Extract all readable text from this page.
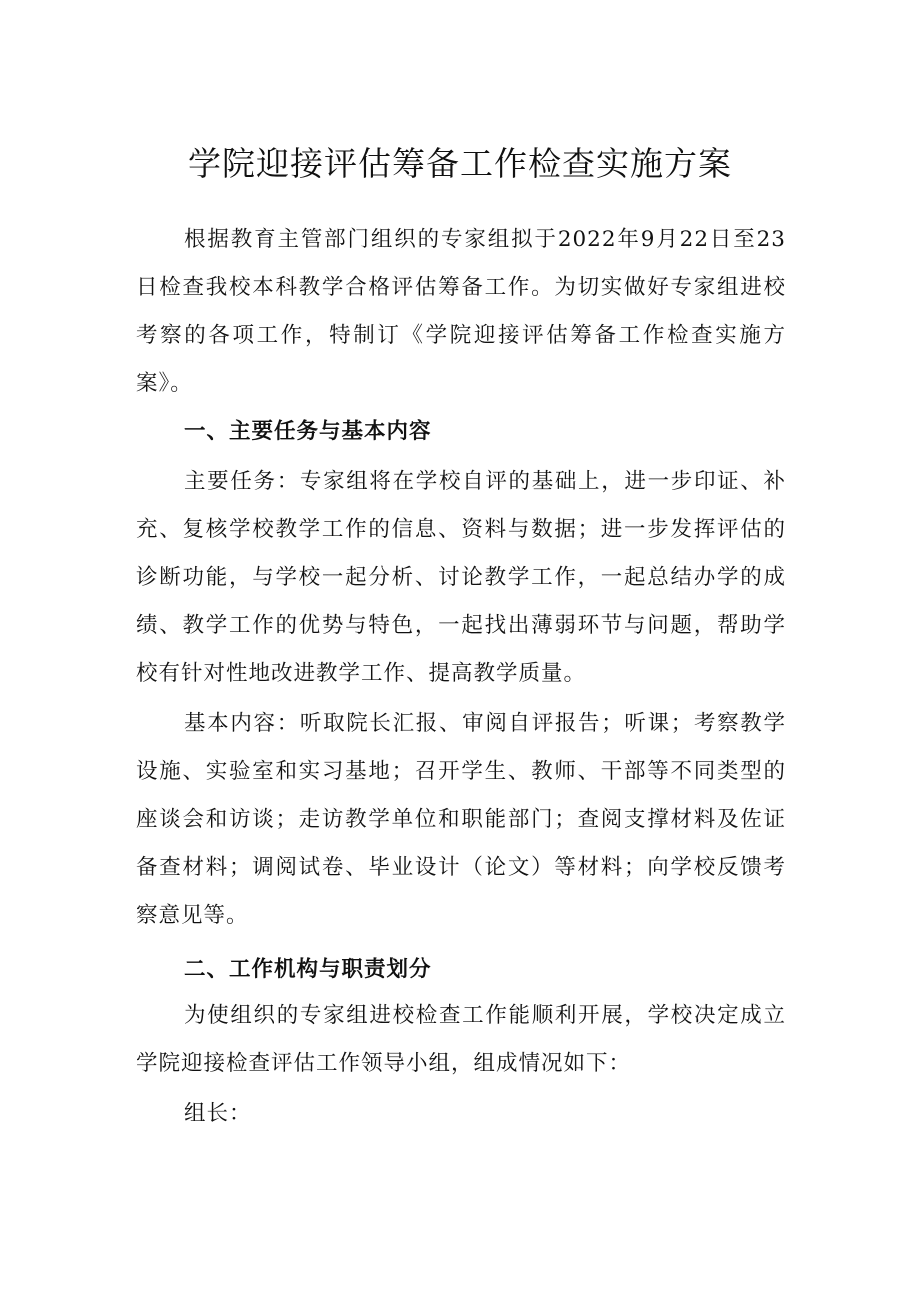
学院迎接评估筹备工作检查实施方案

根据教育主管部门组织的专家组拟于2022年9月22日至23日检查我校本科教学合格评估筹备工作。为切实做好专家组进校考察的各项工作，特制订《学院迎接评估筹备工作检查实施方案》。

一、主要任务与基本内容

主要任务：专家组将在学校自评的基础上，进一步印证、补充、复核学校教学工作的信息、资料与数据；进一步发挥评估的诊断功能，与学校一起分析、讨论教学工作，一起总结办学的成绩、教学工作的优势与特色，一起找出薄弱环节与问题，帮助学校有针对性地改进教学工作、提高教学质量。

基本内容：听取院长汇报、审阅自评报告；听课；考察教学设施、实验室和实习基地；召开学生、教师、干部等不同类型的座谈会和访谈；走访教学单位和职能部门；查阅支撑材料及佐证备查材料；调阅试卷、毕业设计（论文）等材料；向学校反馈考察意见等。

二、工作机构与职责划分

为使组织的专家组进校检查工作能顺利开展，学校决定成立学院迎接检查评估工作领导小组，组成情况如下：

组长：
